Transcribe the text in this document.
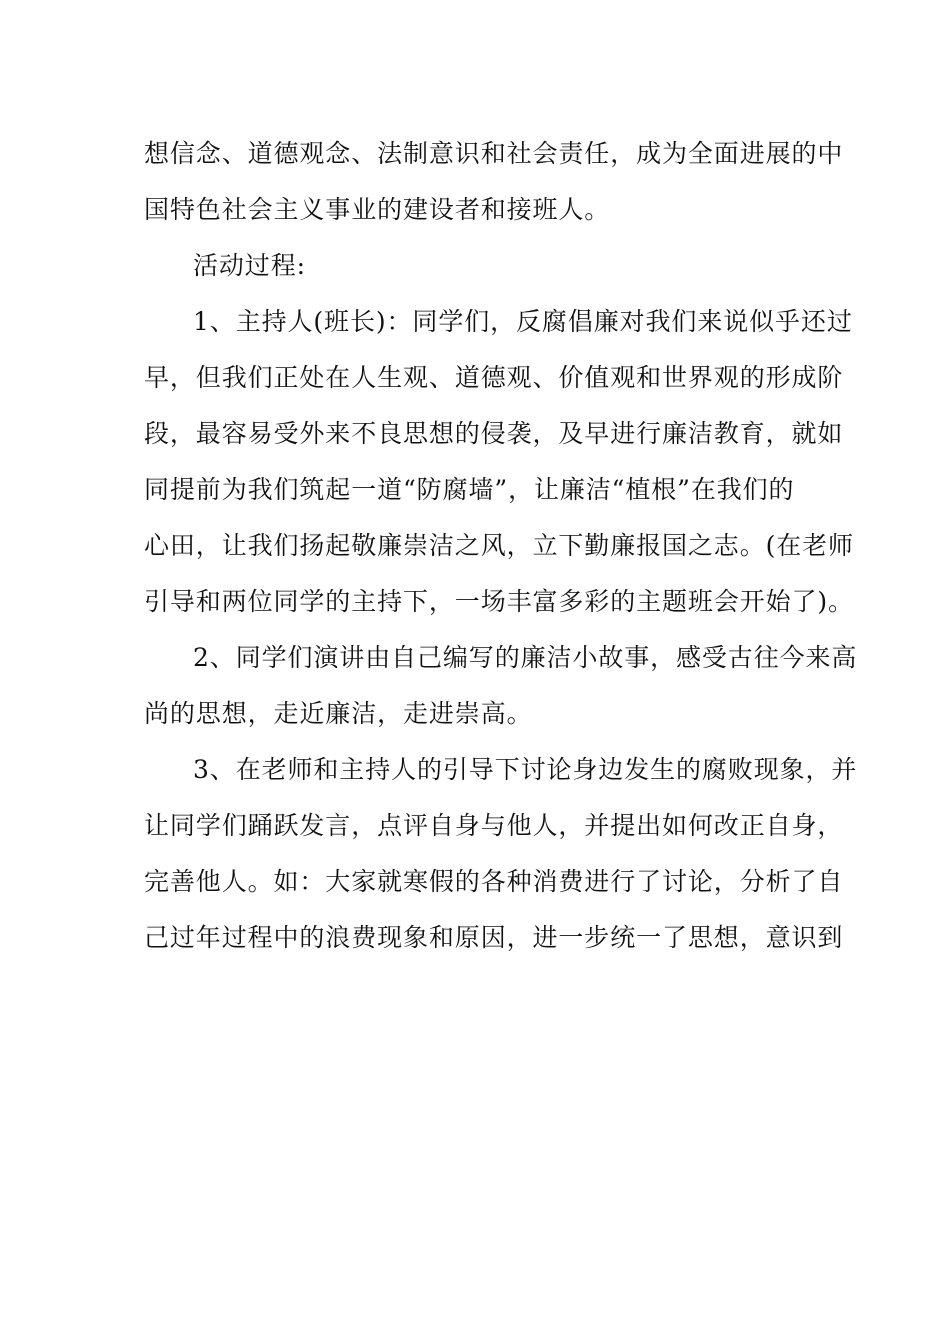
想信念、道德观念、法制意识和社会责任，成为全面进展的中
国特色社会主义事业的建设者和接班人。
活动过程:
1、主持人(班长)：同学们，反腐倡廉对我们来说似乎还过
早，但我们正处在人生观、道德观、价值观和世界观的形成阶
段，最容易受外来不良思想的侵袭，及早进行廉洁教育，就如
同提前为我们筑起一道“防腐墙”，让廉洁“植根”在我们的
心田，让我们扬起敬廉崇洁之风，立下勤廉报国之志。(在老师
引导和两位同学的主持下，一场丰富多彩的主题班会开始了)。
2、同学们演讲由自己编写的廉洁小故事，感受古往今来高
尚的思想，走近廉洁，走进崇高。
3、在老师和主持人的引导下讨论身边发生的腐败现象，并
让同学们踊跃发言，点评自身与他人，并提出如何改正自身，
完善他人。如：大家就寒假的各种消费进行了讨论，分析了自
己过年过程中的浪费现象和原因，进一步统一了思想，意识到
